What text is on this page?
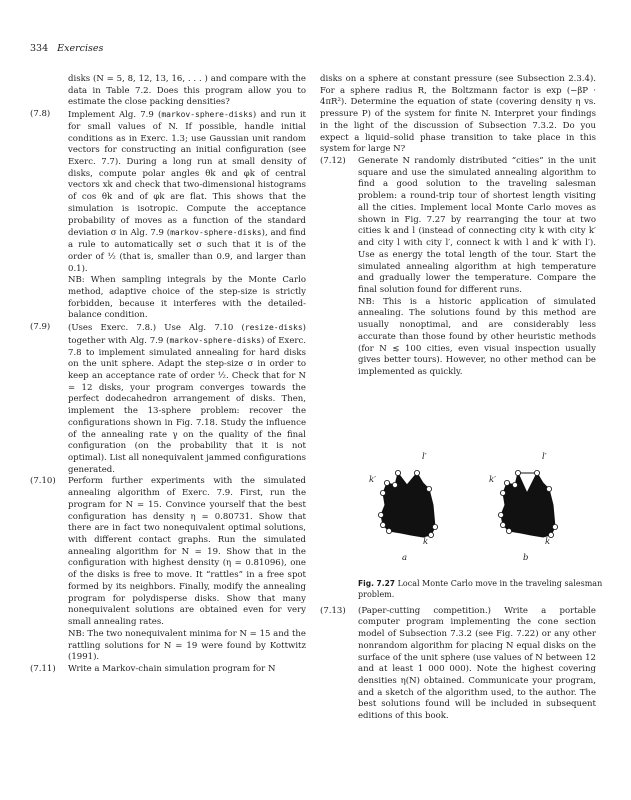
334 Exercises

disks (N = 5, 8, 12, 13, 16, . . . ) and compare with the data in Table 7.2. Does this program allow you to estimate the close packing densities?

(7.8) Implement Alg. 7.9 (markov-sphere-disks) and run it for small values of N. If possible, handle initial conditions as in Exerc. 1.3; use Gaussian unit random vectors for constructing an initial configuration (see Exerc. 7.7). During a long run at small density of disks, compute polar angles θk and φk of central vectors xk and check that two-dimensional histograms of cos θk and of φk are flat. This shows that the simulation is isotropic. Compute the acceptance probability of moves as a function of the standard deviation σ in Alg. 7.9 (markov-sphere-disks), and find a rule to automatically set σ such that it is of the order of ½ (that is, smaller than 0.9, and larger than 0.1).

NB: When sampling integrals by the Monte Carlo method, adaptive choice of the step-size is strictly forbidden, because it interferes with the detailed-balance condition.

(7.9) (Uses Exerc. 7.8.) Use Alg. 7.10 (resize-disks) together with Alg. 7.9 (markov-sphere-disks) of Exerc. 7.8 to implement simulated annealing for hard disks on the unit sphere. Adapt the step-size σ in order to keep an acceptance rate of order ½. Check that for N = 12 disks, your program converges towards the perfect dodecahedron arrangement of disks. Then, implement the 13-sphere problem: recover the configurations shown in Fig. 7.18. Study the influence of the annealing rate γ on the quality of the final configuration (on the probability that it is not optimal). List all nonequivalent jammed configurations generated.

(7.10) Perform further experiments with the simulated annealing algorithm of Exerc. 7.9. First, run the program for N = 15. Convince yourself that the best configuration has density η = 0.80731. Show that there are in fact two nonequivalent optimal solutions, with different contact graphs. Run the simulated annealing algorithm for N = 19. Show that in the configuration with highest density (η = 0.81096), one of the disks is free to move. It “rattles” in a free spot formed by its neighbors. Finally, modify the annealing program for polydisperse disks. Show that many nonequivalent solutions are obtained even for very small annealing rates.

NB: The two nonequivalent minima for N = 15 and the rattling solutions for N = 19 were found by Kottwitz (1991).

(7.11) Write a Markov-chain simulation program for N

disks on a sphere at constant pressure (see Subsection 2.3.4). For a sphere radius R, the Boltzmann factor is exp (−βP · 4πR²). Determine the equation of state (covering density η vs. pressure P) of the system for finite N. Interpret your findings in the light of the discussion of Subsection 7.3.2. Do you expect a liquid–solid phase transition to take place in this system for large N?

(7.12) Generate N randomly distributed “cities” in the unit square and use the simulated annealing algorithm to find a good solution to the traveling salesman problem: a round-trip tour of shortest length visiting all the cities. Implement local Monte Carlo moves as shown in Fig. 7.27 by rearranging the tour at two cities k and l (instead of connecting city k with city k′ and city l with city l′, connect k with l and k′ with l′). Use as energy the total length of the tour. Start the simulated annealing algorithm at high temperature and gradually lower the temperature. Compare the final solution found for different runs.

NB: This is a historic application of simulated annealing. The solutions found by this method are usually nonoptimal, and are considerably less accurate than those found by other heuristic methods (for N ≲ 100 cities, even visual inspection usually gives better tours). However, no other method can be implemented as quickly.

(7.13) (Paper-cutting competition.) Write a portable computer program implementing the cone section model of Subsection 7.3.2 (see Fig. 7.22) or any other nonrandom algorithm for placing N equal disks on the surface of the unit sphere (use values of N between 12 and at least 1 000 000). Note the highest covering densities η(N) obtained. Communicate your program, and a sketch of the algorithm used, to the author. The best solutions found will be included in subsequent editions of this book.

l′
k′
k
a
l′
k′
k
b
Fig. 7.27 Local Monte Carlo move in the traveling salesman problem.
